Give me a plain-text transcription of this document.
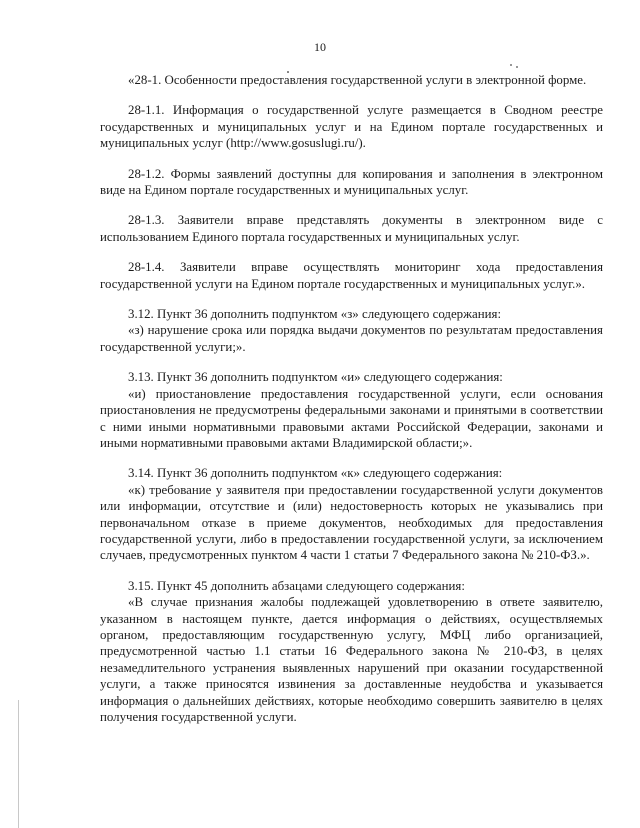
10

«28-1. Особенности предоставления государственной услуги в электронной форме.

28-1.1. Информация о государственной услуге размещается в Сводном реестре государственных и муниципальных услуг и на Едином портале государственных и муниципальных услуг (http://www.gosuslugi.ru/).

28-1.2. Формы заявлений доступны для копирования и заполнения в электронном виде на Едином портале государственных и муниципальных услуг.

28-1.3. Заявители вправе представлять документы в электронном виде с использованием Единого портала государственных и муниципальных услуг.

28-1.4. Заявители вправе осуществлять мониторинг хода предоставления государственной услуги на Едином портале государственных и муниципальных услуг.».

3.12. Пункт 36 дополнить подпунктом «з» следующего содержания:

«з) нарушение срока или порядка выдачи документов по результатам предоставления государственной услуги;».

3.13. Пункт 36 дополнить подпунктом «и» следующего содержания:

«и) приостановление предоставления государственной услуги, если основания приостановления не предусмотрены федеральными законами и принятыми в соответствии с ними иными нормативными правовыми актами Российской Федерации, законами и иными нормативными правовыми актами Владимирской области;».

3.14. Пункт 36 дополнить подпунктом «к» следующего содержания:

«к) требование у заявителя при предоставлении государственной услуги документов или информации, отсутствие и (или) недостоверность которых не указывались при первоначальном отказе в приеме документов, необходимых для предоставления государственной услуги, либо в предоставлении государственной услуги, за исключением случаев, предусмотренных пунктом 4 части 1 статьи 7 Федерального закона № 210-ФЗ.».

3.15. Пункт 45 дополнить абзацами следующего содержания:

«В случае признания жалобы подлежащей удовлетворению в ответе заявителю, указанном в настоящем пункте, дается информация о действиях, осуществляемых органом, предоставляющим государственную услугу, МФЦ либо организацией, предусмотренной частью 1.1 статьи 16 Федерального закона № 210-ФЗ, в целях незамедлительного устранения выявленных нарушений при оказании государственной услуги, а также приносятся извинения за доставленные неудобства и указывается информация о дальнейших действиях, которые необходимо совершить заявителю в целях получения государственной услуги.
